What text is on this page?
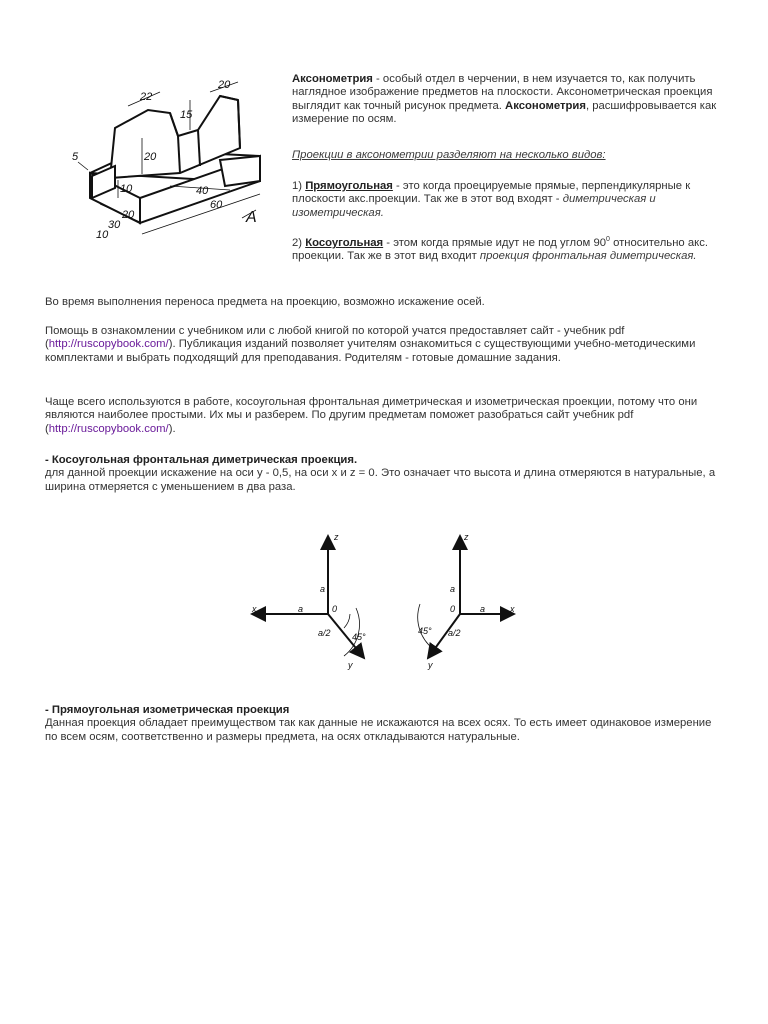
22
20
15
5	20
10
20
40
60
30
10
A

Аксонометрия - особый отдел в черчении, в нем изучается то, как получить наглядное изображение предметов на плоскости. Аксонометрическая проекция выглядит как точный рисунок предмета. Аксонометрия, расшифровывается как измерение по осям.

Проекции в аксонометрии разделяют на несколько видов:

1) Прямоугольная - это когда проецируемые прямые, перпендикулярные к плоскости акс.проекции. Так же в этот вод входят - диметрическая и изометрическая.

2) Косоугольная - этом когда прямые идут не под углом $90^0$ относительно акс. проекции. Так же в этот вид входит проекция фронтальная диметрическая.

Во время выполнения переноса предмета на проекцию, возможно искажение осей.

Помощь в ознакомлении с учебником или с любой книгой по которой учатся предоставляет сайт - учебник pdf (http://ruscopybook.com/). Публикация изданий позволяет учителям ознакомиться с существующими учебно-методическими комплектами и выбрать подходящий для преподавания. Родителям - готовые домашние задания.

Чаще всего используются в работе, косоугольная фронтальная диметрическая и изометрическая проекции, потому что они являются наиболее простыми. Их мы и разберем. По другим предметам поможет разобраться сайт учебник pdf (http://ruscopybook.com/).

- Косоугольная фронтальная диметрическая проекция.
для данной проекции искажение на оси y - 0,5, на оси x и z = 0. Это означает что высота и длина отмеряются в натуральные, а ширина отмеряется с уменьшением в два раза.

z
x
y
0
a
a
a/2 45°
z
x
y
0
a
a
a/2
45°

- Прямоугольная изометрическая проекция
Данная проекция обладает преимуществом так как данные не искажаются на всех осях. То есть имеет одинаковое измерение по всем осям, соответственно и размеры предмета, на осях откладываются натуральные.
